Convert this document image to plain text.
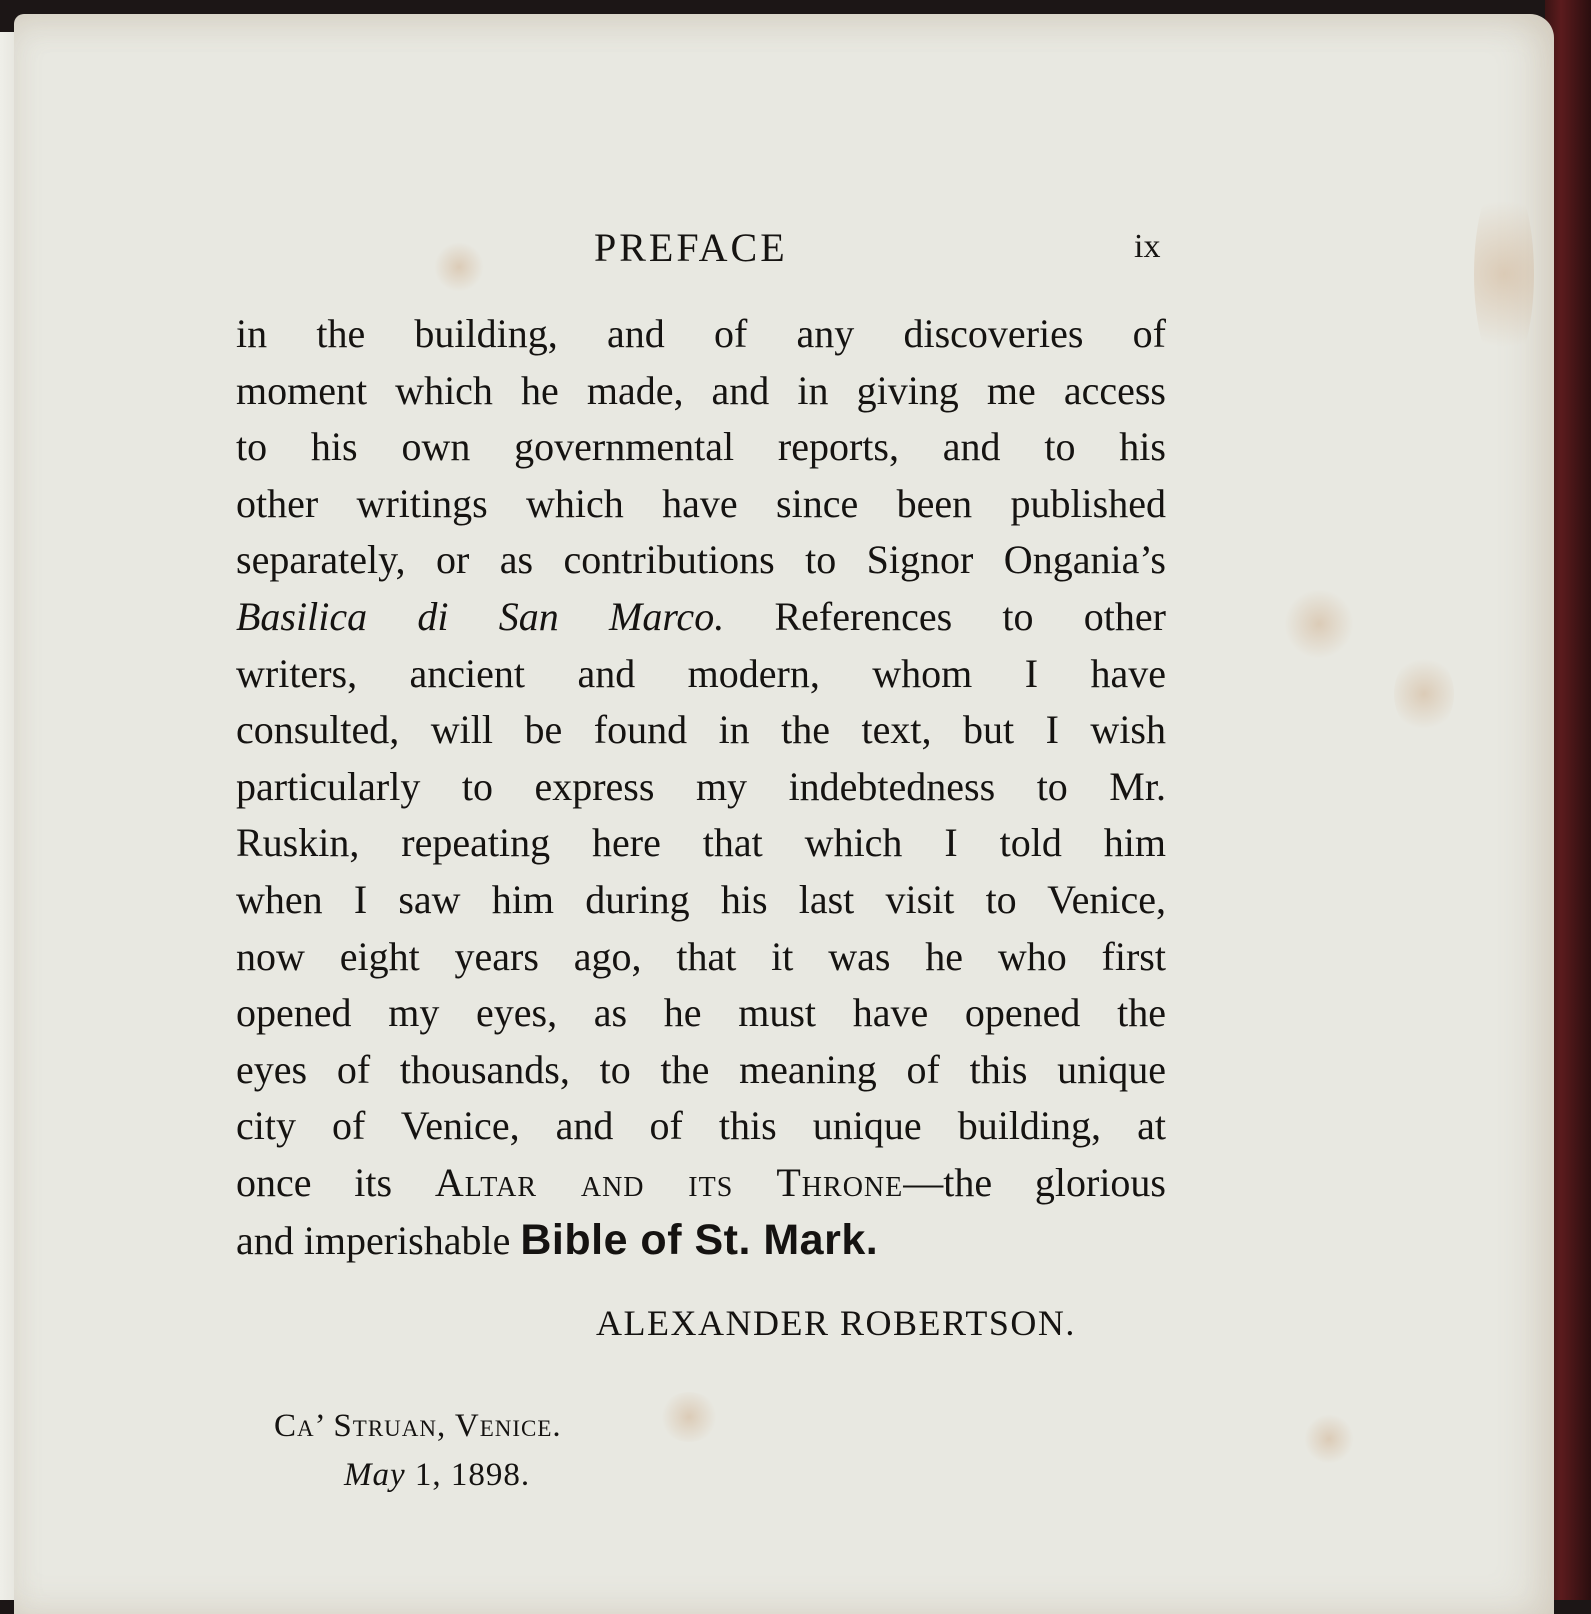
PREFACE	ix
in the building, and of any discoveries of
moment which he made, and in giving me access
to his own governmental reports, and to his
other writings which have since been published
separately, or as contributions to Signor Ongania’s
Basilica di San Marco. References to other
writers, ancient and modern, whom I have
consulted, will be found in the text, but I wish
particularly to express my indebtedness to Mr.
Ruskin, repeating here that which I told him
when I saw him during his last visit to Venice,
now eight years ago, that it was he who first
opened my eyes, as he must have opened the
eyes of thousands, to the meaning of this unique
city of Venice, and of this unique building, at
once its Altar and its Throne—the glorious
and imperishable Bible of St. Mark.
ALEXANDER ROBERTSON.
Ca’ Struan, Venice.
May 1, 1898.
